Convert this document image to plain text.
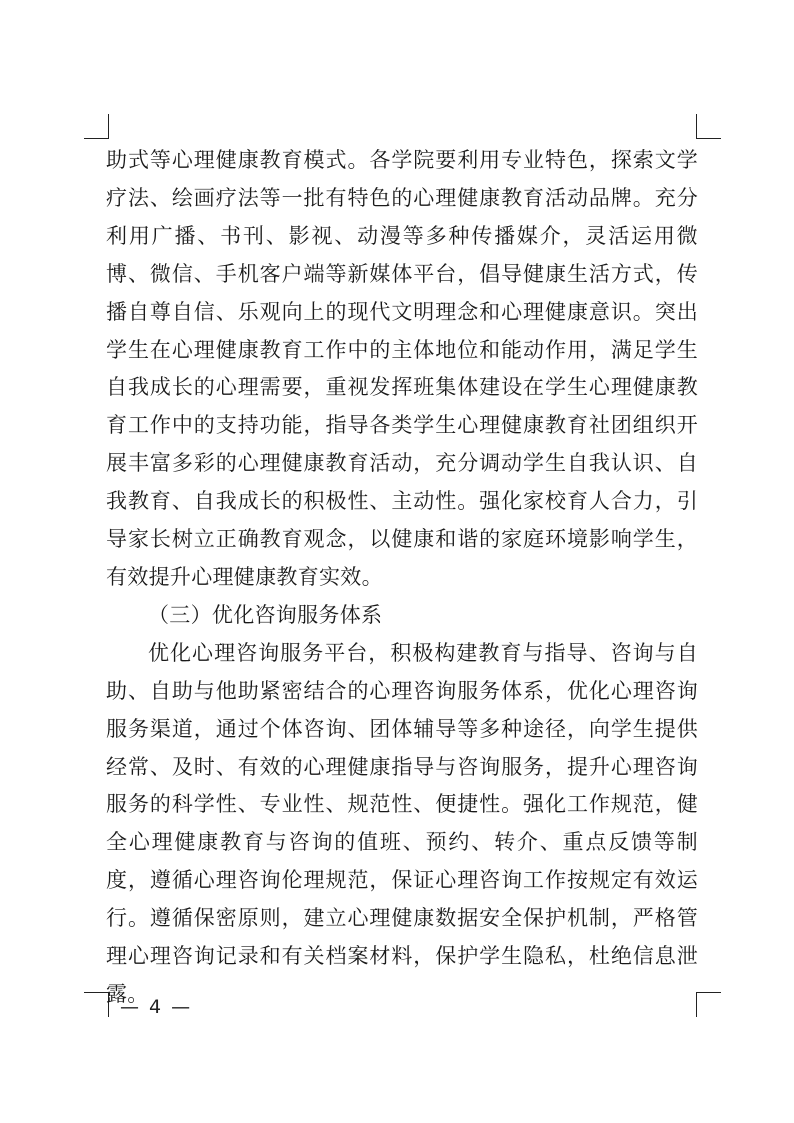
助式等心理健康教育模式。各学院要利用专业特色，探索文学疗法、绘画疗法等一批有特色的心理健康教育活动品牌。充分利用广播、书刊、影视、动漫等多种传播媒介，灵活运用微博、微信、手机客户端等新媒体平台，倡导健康生活方式，传播自尊自信、乐观向上的现代文明理念和心理健康意识。突出学生在心理健康教育工作中的主体地位和能动作用，满足学生自我成长的心理需要，重视发挥班集体建设在学生心理健康教育工作中的支持功能，指导各类学生心理健康教育社团组织开展丰富多彩的心理健康教育活动，充分调动学生自我认识、自我教育、自我成长的积极性、主动性。强化家校育人合力，引导家长树立正确教育观念，以健康和谐的家庭环境影响学生，有效提升心理健康教育实效。

（三）优化咨询服务体系

优化心理咨询服务平台，积极构建教育与指导、咨询与自助、自助与他助紧密结合的心理咨询服务体系，优化心理咨询服务渠道，通过个体咨询、团体辅导等多种途径，向学生提供经常、及时、有效的心理健康指导与咨询服务，提升心理咨询服务的科学性、专业性、规范性、便捷性。强化工作规范，健全心理健康教育与咨询的值班、预约、转介、重点反馈等制度，遵循心理咨询伦理规范，保证心理咨询工作按规定有效运行。遵循保密原则，建立心理健康数据安全保护机制，严格管理心理咨询记录和有关档案材料，保护学生隐私，杜绝信息泄露。

— 4 —
